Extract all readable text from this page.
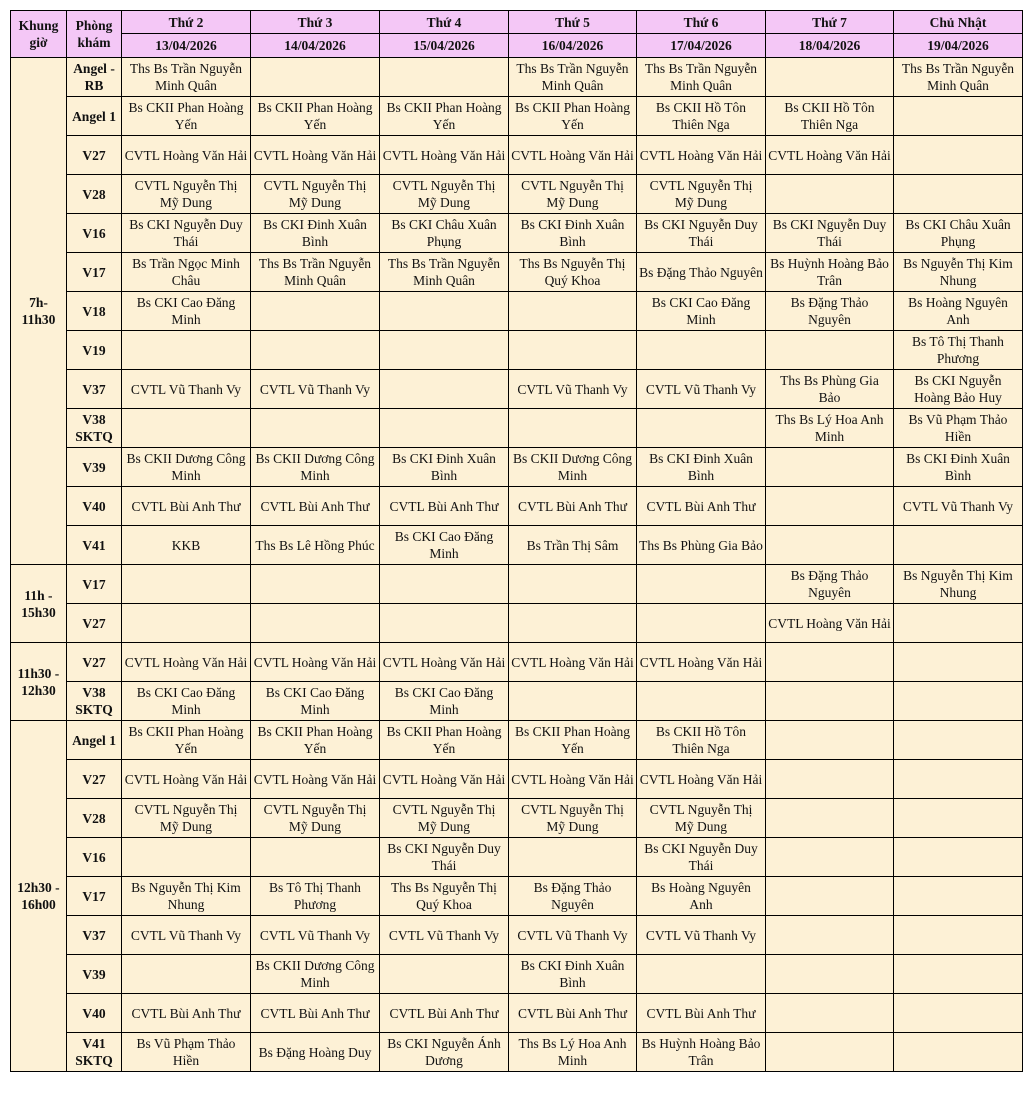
Khung giờ	Phòng khám	Thứ 2	Thứ 3	Thứ 4	Thứ 5	Thứ 6	Thứ 7	Chủ Nhật
		13/04/2026	14/04/2026	15/04/2026	16/04/2026	17/04/2026	18/04/2026	19/04/2026
7h-11h30	Angel - RB	Ths Bs Trần Nguyễn Minh Quân			Ths Bs Trần Nguyễn Minh Quân	Ths Bs Trần Nguyễn Minh Quân		Ths Bs Trần Nguyễn Minh Quân
	Angel 1	Bs CKII Phan Hoàng Yến	Bs CKII Phan Hoàng Yến	Bs CKII Phan Hoàng Yến	Bs CKII Phan Hoàng Yến	Bs CKII Hồ Tôn Thiên Nga	Bs CKII Hồ Tôn Thiên Nga	
	V27	CVTL Hoàng Văn Hải	CVTL Hoàng Văn Hải	CVTL Hoàng Văn Hải	CVTL Hoàng Văn Hải	CVTL Hoàng Văn Hải	CVTL Hoàng Văn Hải	
	V28	CVTL Nguyễn Thị Mỹ Dung	CVTL Nguyễn Thị Mỹ Dung	CVTL Nguyễn Thị Mỹ Dung	CVTL Nguyễn Thị Mỹ Dung	CVTL Nguyễn Thị Mỹ Dung		
	V16	Bs CKI Nguyễn Duy Thái	Bs CKI Đinh Xuân Bình	Bs CKI Châu Xuân Phụng	Bs CKI Đinh Xuân Bình	Bs CKI Nguyễn Duy Thái	Bs CKI Nguyễn Duy Thái	Bs CKI Châu Xuân Phụng
	V17	Bs Trần Ngọc Minh Châu	Ths Bs Trần Nguyễn Minh Quân	Ths Bs Trần Nguyễn Minh Quân	Ths Bs Nguyễn Thị Quý Khoa	Bs Đặng Thảo Nguyên	Bs Huỳnh Hoàng Bảo Trân	Bs Nguyễn Thị Kim Nhung
	V18	Bs CKI Cao Đăng Minh				Bs CKI Cao Đăng Minh	Bs Đặng Thảo Nguyên	Bs Hoàng Nguyên Anh
	V19							Bs Tô Thị Thanh Phương
	V37	CVTL Vũ Thanh Vy	CVTL Vũ Thanh Vy		CVTL Vũ Thanh Vy	CVTL Vũ Thanh Vy	Ths Bs Phùng Gia Bảo	Bs CKI Nguyễn Hoàng Bảo Huy
	V38 SKTQ						Ths Bs Lý Hoa Anh Minh	Bs Vũ Phạm Thảo Hiền
	V39	Bs CKII Dương Công Minh	Bs CKII Dương Công Minh	Bs CKI Đinh Xuân Bình	Bs CKII Dương Công Minh	Bs CKI Đinh Xuân Bình		Bs CKI Đinh Xuân Bình
	V40	CVTL Bùi Anh Thư	CVTL Bùi Anh Thư	CVTL Bùi Anh Thư	CVTL Bùi Anh Thư	CVTL Bùi Anh Thư		CVTL Vũ Thanh Vy
	V41	KKB	Ths Bs Lê Hồng Phúc	Bs CKI Cao Đăng Minh	Bs Trần Thị Sâm	Ths Bs Phùng Gia Bảo		
11h - 15h30	V17						Bs Đặng Thảo Nguyên	Bs Nguyễn Thị Kim Nhung
	V27						CVTL Hoàng Văn Hải	
11h30 - 12h30	V27	CVTL Hoàng Văn Hải	CVTL Hoàng Văn Hải	CVTL Hoàng Văn Hải	CVTL Hoàng Văn Hải	CVTL Hoàng Văn Hải		
	V38 SKTQ	Bs CKI Cao Đăng Minh	Bs CKI Cao Đăng Minh	Bs CKI Cao Đăng Minh				
12h30 - 16h00	Angel 1	Bs CKII Phan Hoàng Yến	Bs CKII Phan Hoàng Yến	Bs CKII Phan Hoàng Yến	Bs CKII Phan Hoàng Yến	Bs CKII Hồ Tôn Thiên Nga		
	V27	CVTL Hoàng Văn Hải	CVTL Hoàng Văn Hải	CVTL Hoàng Văn Hải	CVTL Hoàng Văn Hải	CVTL Hoàng Văn Hải		
	V28	CVTL Nguyễn Thị Mỹ Dung	CVTL Nguyễn Thị Mỹ Dung	CVTL Nguyễn Thị Mỹ Dung	CVTL Nguyễn Thị Mỹ Dung	CVTL Nguyễn Thị Mỹ Dung		
	V16			Bs CKI Nguyễn Duy Thái		Bs CKI Nguyễn Duy Thái		
	V17	Bs Nguyễn Thị Kim Nhung	Bs Tô Thị Thanh Phương	Ths Bs Nguyễn Thị Quý Khoa	Bs Đặng Thảo Nguyên	Bs Hoàng Nguyên Anh		
	V37	CVTL Vũ Thanh Vy	CVTL Vũ Thanh Vy	CVTL Vũ Thanh Vy	CVTL Vũ Thanh Vy	CVTL Vũ Thanh Vy		
	V39		Bs CKII Dương Công Minh		Bs CKI Đinh Xuân Bình			
	V40	CVTL Bùi Anh Thư	CVTL Bùi Anh Thư	CVTL Bùi Anh Thư	CVTL Bùi Anh Thư	CVTL Bùi Anh Thư		
	V41 SKTQ	Bs Vũ Phạm Thảo Hiền	Bs Đặng Hoàng Duy	Bs CKI Nguyễn Ánh Dương	Ths Bs Lý Hoa Anh Minh	Bs Huỳnh Hoàng Bảo Trân		
